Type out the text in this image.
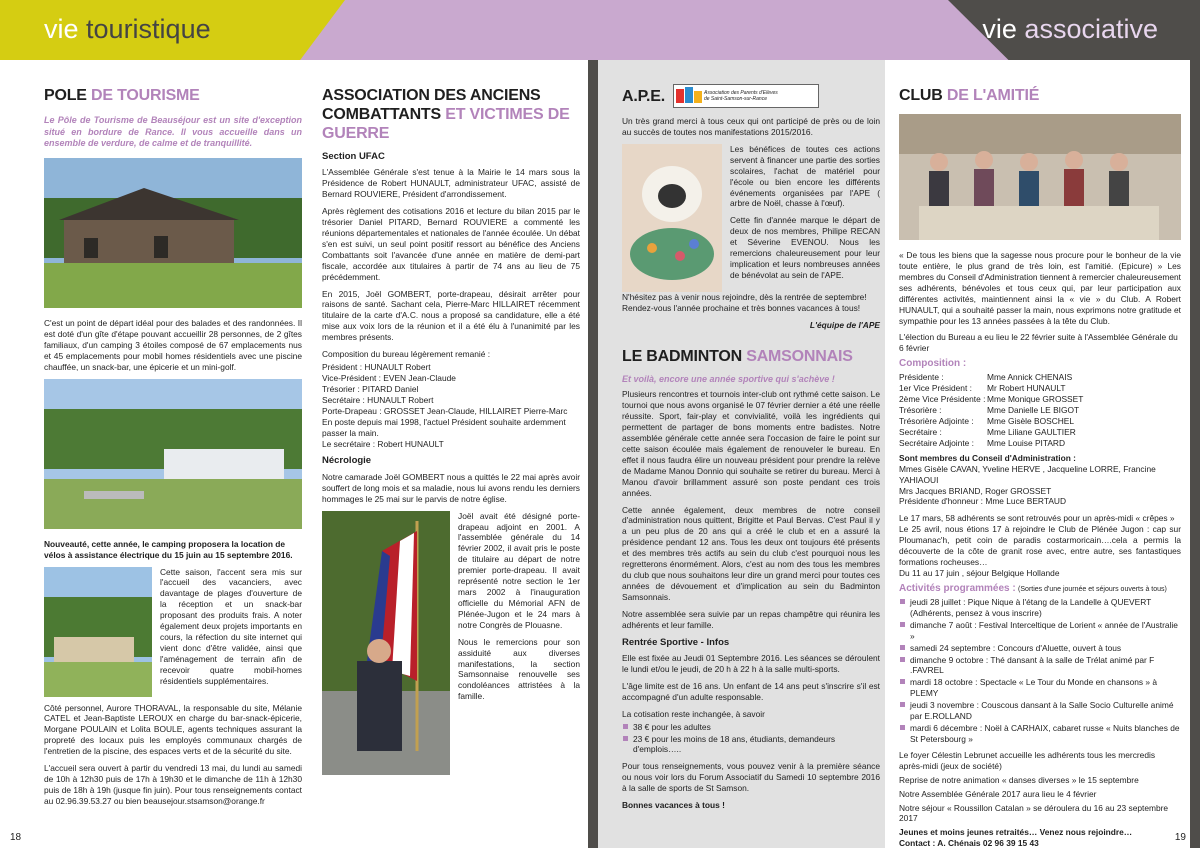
vie touristique	vie associative
POLE DE TOURISME

Le Pôle de Tourisme de Beauséjour est un site d'exception situé en bordure de Rance. Il vous accueille dans un ensemble de verdure, de calme et de tranquillité.

C'est un point de départ idéal pour des balades et des randonnées. Il est doté d'un gîte d'étape pouvant accueillir 28 personnes, de 2 gîtes familiaux, d'un camping 3 étoiles composé de 67 emplacements nus et 45 emplacements pour mobil homes résidentiels avec une piscine chauffée, un snack-bar, une épicerie et un mini-golf.

Nouveauté, cette année, le camping proposera la location de vélos à assistance électrique du 15 juin au 15 septembre 2016.

Cette saison, l'accent sera mis sur l'accueil des vacanciers, avec davantage de plages d'ouverture de la réception et un snack-bar proposant des produits frais. A noter également deux projets importants en cours, la réfection du site internet qui vient donc d'être validée, ainsi que l'aménagement de terrain afin de recevoir quatre mobil-homes résidentiels supplémentaires.

Côté personnel, Aurore THORAVAL, la responsable du site, Mélanie CATEL et Jean-Baptiste LEROUX en charge du bar-snack-épicerie, Morgane POULAIN et Lolita BOULE, agents techniques assurant la propreté des locaux puis les employés communaux chargés de l'entretien de la piscine, des espaces verts et de la sécurité du site.

L'accueil sera ouvert à partir du vendredi 13 mai, du lundi au samedi de 10h à 12h30 puis de 17h à 19h30 et le dimanche de 11h à 12h30 puis de 18h à 19h (jusque fin juin). Pour tous renseignements contact au 02.96.39.53.27 ou bien beausejour.stsamson@orange.fr

ASSOCIATION DES ANCIENS COMBATTANTS ET VICTIMES DE GUERRE
Section UFAC

L'Assemblée Générale s'est tenue à la Mairie le 14 mars sous la Présidence de Robert HUNAULT, administrateur UFAC, assisté de Bernard ROUVIERE, Président d'arrondissement.

Après règlement des cotisations 2016 et lecture du bilan 2015 par le trésorier Daniel PITARD, Bernard ROUVIERE a commenté les réunions départementales et nationales de l'année écoulée. Un débat s'en est suivi, un seul point positif ressort au bénéfice des Anciens Combattants soit l'avancée d'une année en matière de demi-part fiscale, accordée aux titulaires à partir de 74 ans au lieu de 75 précédemment.

En 2015, Joël GOMBERT, porte-drapeau, désirait arrêter pour raisons de santé. Sachant cela, Pierre-Marc HILLAIRET récemment titulaire de la carte d'A.C. nous a proposé sa candidature, elle a été mise aux voix lors de la réunion et il a été élu à l'unanimité par les membres présents.

Composition du bureau légèrement remanié :

Président : HUNAULT Robert
Vice-Président : EVEN Jean-Claude
Trésorier : PITARD Daniel
Secrétaire : HUNAULT Robert
Porte-Drapeau : GROSSET Jean-Claude, HILLAIRET Pierre-Marc
En poste depuis mai 1998, l'actuel Président souhaite ardemment passer la main.
Le secrétaire : Robert HUNAULT
Nécrologie

Notre camarade Joël GOMBERT nous a quittés le 22 mai après avoir souffert de long mois et sa maladie, nous lui avons rendu les derniers hommages le 25 mai sur le parvis de notre église.

Joël avait été désigné porte-drapeau adjoint en 2001. A l'assemblée générale du 14 février 2002, il avait pris le poste de titulaire au départ de notre premier porte-drapeau. Il avait représenté notre section le 1er mars 2002 à l'inauguration officielle du Mémorial AFN de Plénée-Jugon et le 24 mars à notre Congrès de Plouasne.

Nous le remercions pour son assiduité aux diverses manifestations, la section Samsonnaise renouvelle ses condoléances attristées à la famille.

A.P.E.	Association des Parents d'Elèves
de Saint-Samson-sur-Rance

Un très grand merci à tous ceux qui ont participé de près ou de loin au succès de toutes nos manifestations 2015/2016.

Les bénéfices de toutes ces actions servent à financer une partie des sorties scolaires, l'achat de matériel pour l'école ou bien encore les différents événements organisées par l'APE ( arbre de Noël, chasse à l'œuf).

Cette fin d'année marque le départ de deux de nos membres, Philipe RECAN et Séverine EVENOU. Nous les remercions chaleureusement pour leur implication et leurs nombreuses années de bénévolat au sein de l'APE.

N'hésitez pas à venir nous rejoindre, dès la rentrée de septembre!

Rendez-vous l'année prochaine et très bonnes vacances à tous!

L'équipe de l'APE

LE BADMINTON SAMSONNAIS

Et voilà, encore une année sportive qui s'achève !

Plusieurs rencontres et tournois inter-club ont rythmé cette saison. Le tournoi que nous avons organisé le 07 février dernier a été une réelle réussite. Sport, fair-play et convivialité, voilà les ingrédients qui permettent de partager de bons moments entre badistes. Notre assemblée générale cette année sera l'occasion de faire le point sur cette saison écoulée mais également de renouveler le bureau. En effet il nous faudra élire un nouveau président pour prendre la relève de Madame Manou Donnio qui souhaite se retirer du bureau. Merci à Manou d'avoir brillamment assuré son poste pendant ces trois années.

Cette année également, deux membres de notre conseil d'administration nous quittent, Brigitte et Paul Bervas. C'est Paul il y a un peu plus de 20 ans qui a créé le club et en a assuré la présidence pendant 12 ans. Tous les deux ont toujours été présents et des membres très actifs au sein du club c'est pourquoi nous les regretterons énormément. Alors, c'est au nom des tous les membres du club que nous souhaitons leur dire un grand merci pour toutes ces années de dévouement et d'implication au sein du Badminton Samsonnais.

Notre assemblée sera suivie par un repas champêtre qui réunira les adhérents et leur famille.

Rentrée Sportive - Infos

Elle est fixée au Jeudi 01 Septembre 2016. Les séances se déroulent le lundi et/ou le jeudi, de 20 h à 22 h à la salle multi-sports.

L'âge limite est de 16 ans. Un enfant de 14 ans peut s'inscrire s'il est accompagné d'un adulte responsable.

La cotisation reste inchangée, à savoir

38 € pour les adultes
23 € pour les moins de 18 ans, étudiants, demandeurs d'emplois…..

Pour tous renseignements, vous pouvez venir à la première séance ou nous voir lors du Forum Associatif du Samedi 10 septembre 2016 à la salle de sports de St Samson.

Bonnes vacances à tous !

CLUB DE L'AMITIÉ

« De tous les biens que la sagesse nous procure pour le bonheur de la vie toute entière, le plus grand de très loin, est l'amitié. (Epicure) » Les membres du Conseil d'Administration tiennent à remercier chaleureusement ses adhérents, bénévoles et tous ceux qui, par leur participation aux différentes activités, maintiennent ainsi la « vie » du Club. A Robert HUNAULT, qui a souhaité passer la main, nous exprimons notre gratitude et sympathie pour les 13 années passées à la tête du Club.

L'élection du Bureau a eu lieu le 22 février suite à l'Assemblée Générale du 6 février

Composition :
Présidente :	Mme Annick CHENAIS
1er Vice Président :	Mr Robert HUNAULT
2ème Vice Présidente : Mme Monique GROSSET
Trésorière :	Mme Danielle LE BIGOT
Trésorière Adjointe :	Mme Gisèle BOSCHEL
Secrétaire :	Mme Liliane GAULTIER
Secrétaire Adjointe :	Mme Louise PITARD
Sont membres du Conseil d'Administration :
Mmes Gisèle CAVAN, Yveline HERVE , Jacqueline LORRE, Francine YAHIAOUI
Mrs Jacques BRIAND, Roger GROSSET
Présidente d'honneur : Mme Luce BERTAUD
Le 17 mars, 58 adhérents se sont retrouvés pour un après-midi « crêpes »

Le 25 avril, nous étions 17 à rejoindre le Club de Plénée Jugon : cap sur Ploumanac'h, petit coin de paradis costarmoricain….cela a permis la découverte de la côte de granit rose avec, entre autre, ses fantastiques formations rocheuses…

Du 11 au 17 juin , séjour Belgique Hollande

Activités programmées : (Sorties d'une journée et séjours ouverts à tous)
jeudi 28 juillet : Pique Nique à l'étang de la Landelle à QUEVERT (Adhérents, pensez à vous inscrire)
dimanche 7 août : Festival Interceltique de Lorient « année de l'Australie »
samedi 24 septembre : Concours d'Aluette, ouvert à tous
dimanche 9 octobre : Thé dansant à la salle de Trélat animé par F .FAVREL
mardi 18 octobre : Spectacle « Le Tour du Monde en chansons » à PLEMY
jeudi 3 novembre : Couscous dansant à la Salle Socio Culturelle animé par E.ROLLAND
mardi 6 décembre : Noël à CARHAIX, cabaret russe « Nuits blanches de St Petersbourg »

Le foyer Célestin Lebrunet accueille les adhérents tous les mercredis après-midi (jeux de société)

Reprise de notre animation « danses diverses » le 15 septembre

Notre Assemblée Générale 2017 aura lieu le 4 février

Notre séjour « Roussillon Catalan » se déroulera du 16 au 23 septembre 2017

Jeunes et moins jeunes retraités… Venez nous rejoindre…
Contact : A. Chénais 02 96 39 15 43
18	19
